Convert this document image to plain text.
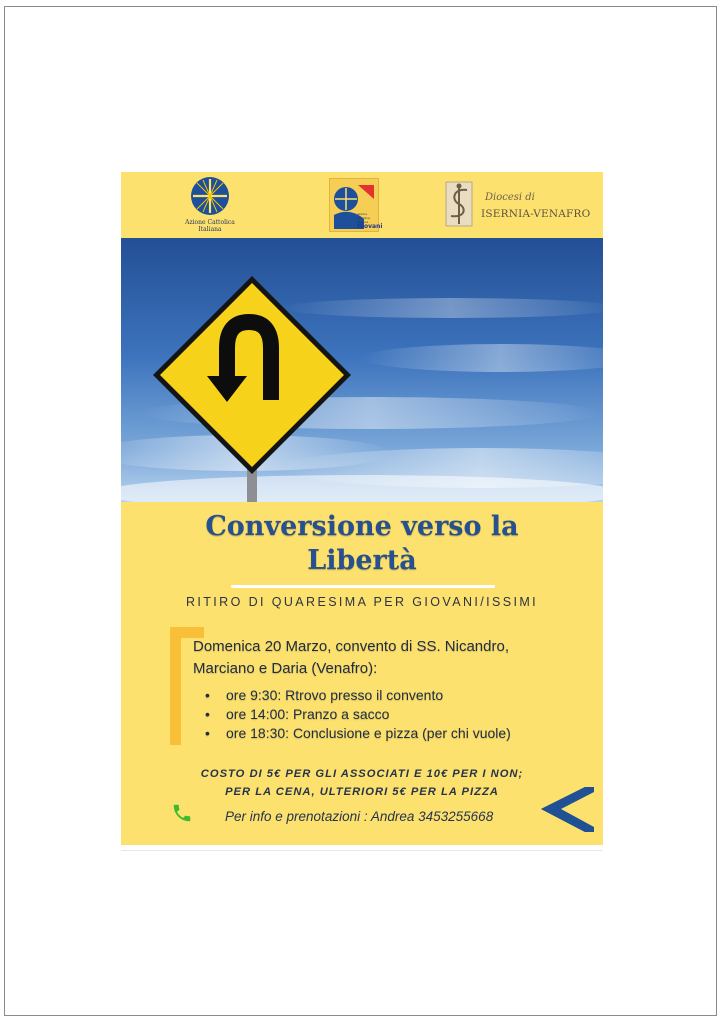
Azione Cattolica Italiana
Azione cattolica italiana
Giovani
Diocesi di
ISERNIA-VENAFRO
Conversione verso la
Libertà
RITIRO DI QUARESIMA PER GIOVANI/ISSIMI

Domenica 20 Marzo, convento di SS. Nicandro,
Marciano e Daria (Venafro):

• ore 9:30: Rtrovo presso il convento
• ore 14:00: Pranzo a sacco
• ore 18:30: Conclusione e pizza (per chi vuole)
COSTO DI 5€ PER GLI ASSOCIATI E 10€ PER I NON;
PER LA CENA, ULTERIORI 5€ PER LA PIZZA
Per info e prenotazioni : Andrea 3453255668
